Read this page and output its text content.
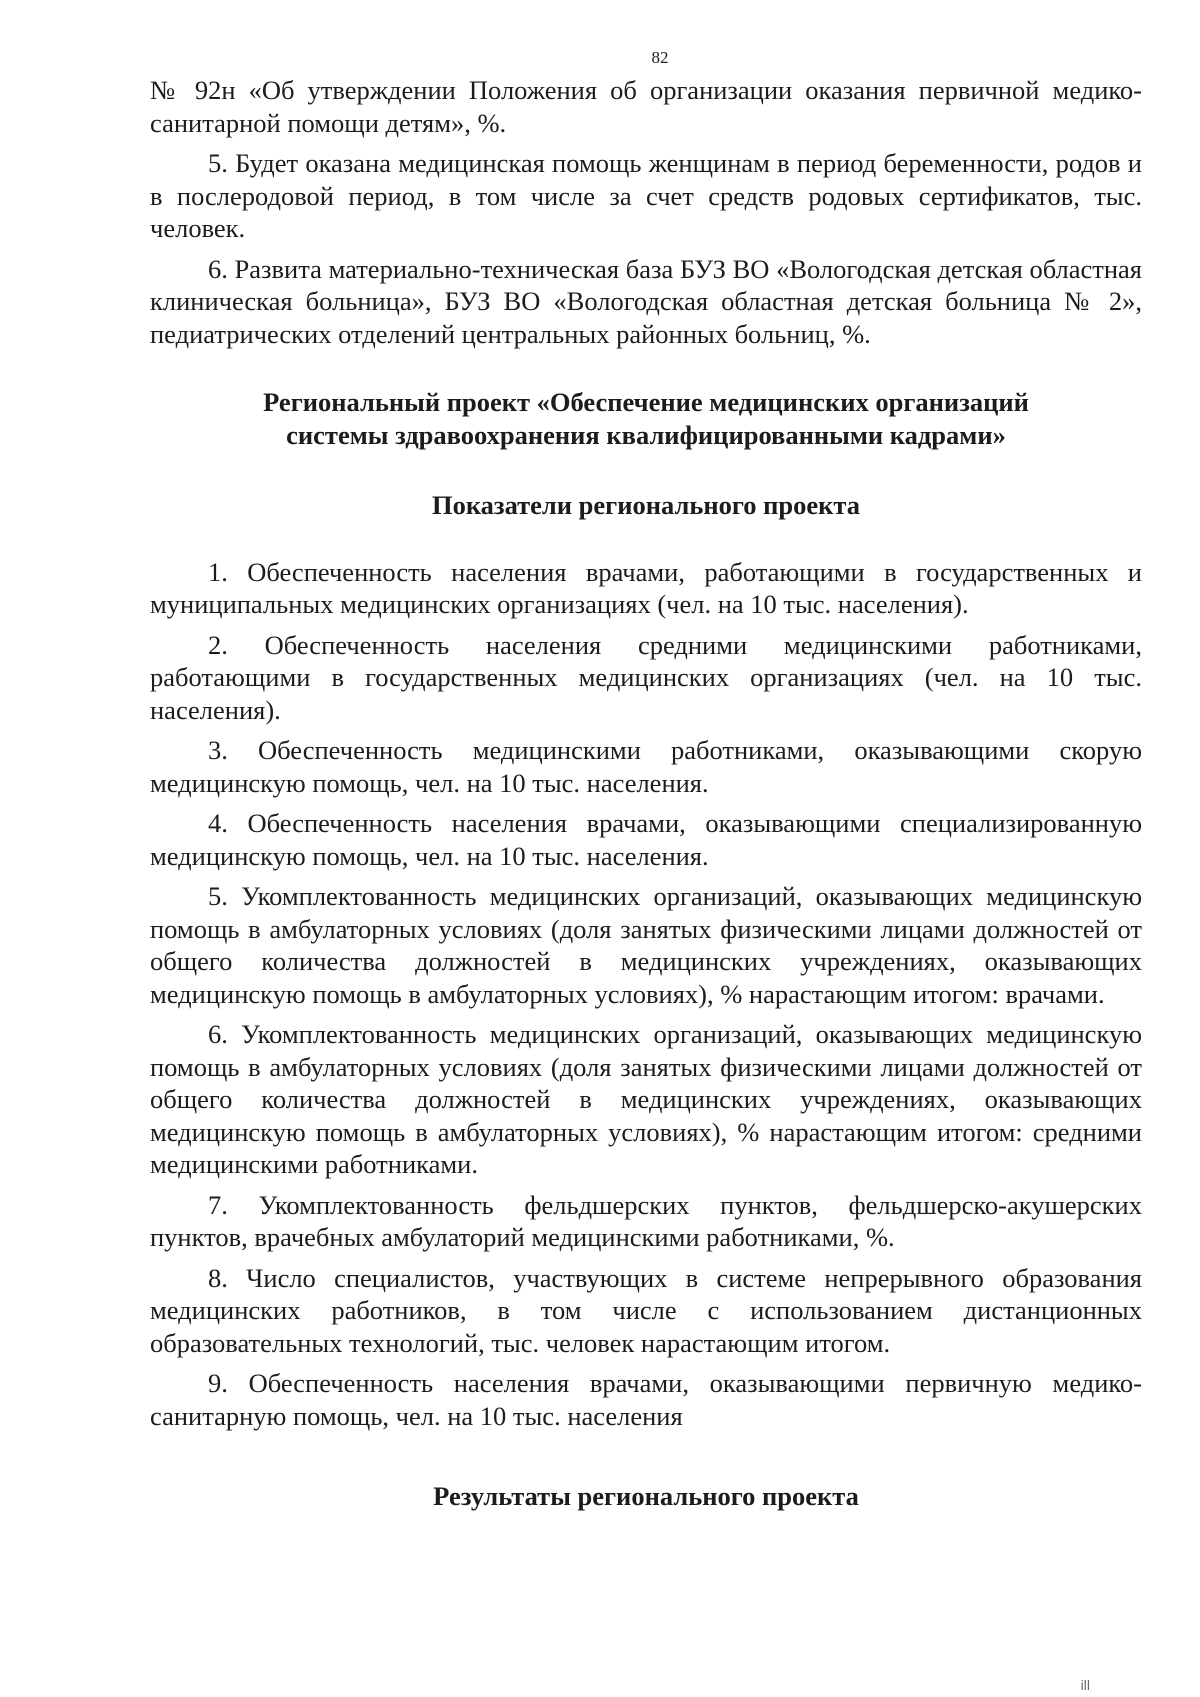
82

№ 92н «Об утверждении Положения об организации оказания первичной медико-санитарной помощи детям», %.

5. Будет оказана медицинская помощь женщинам в период беременности, родов и в послеродовой период, в том числе за счет средств родовых сертификатов, тыс. человек.

6. Развита материально-техническая база БУЗ ВО «Вологодская детская областная клиническая больница», БУЗ ВО «Вологодская областная детская больница № 2», педиатрических отделений центральных районных больниц, %.

Региональный проект «Обеспечение медицинских организаций
системы здравоохранения квалифицированными кадрами»
Показатели регионального проекта

1. Обеспеченность населения врачами, работающими в государственных и муниципальных медицинских организациях (чел. на 10 тыс. населения).

2. Обеспеченность населения средними медицинскими работниками, работающими в государственных медицинских организациях (чел. на 10 тыс. населения).

3. Обеспеченность медицинскими работниками, оказывающими скорую медицинскую помощь, чел. на 10 тыс. населения.

4. Обеспеченность населения врачами, оказывающими специализированную медицинскую помощь, чел. на 10 тыс. населения.

5. Укомплектованность медицинских организаций, оказывающих медицинскую помощь в амбулаторных условиях (доля занятых физическими лицами должностей от общего количества должностей в медицинских учреждениях, оказывающих медицинскую помощь в амбулаторных условиях), % нарастающим итогом: врачами.

6. Укомплектованность медицинских организаций, оказывающих медицинскую помощь в амбулаторных условиях (доля занятых физическими лицами должностей от общего количества должностей в медицинских учреждениях, оказывающих медицинскую помощь в амбулаторных условиях), % нарастающим итогом: средними медицинскими работниками.

7. Укомплектованность фельдшерских пунктов, фельдшерско-акушерских пунктов, врачебных амбулаторий медицинскими работниками, %.

8. Число специалистов, участвующих в системе непрерывного образования медицинских работников, в том числе с использованием дистанционных образовательных технологий, тыс. человек нарастающим итогом.

9. Обеспеченность населения врачами, оказывающими первичную медико-санитарную помощь, чел. на 10 тыс. населения

Результаты регионального проекта
ill
